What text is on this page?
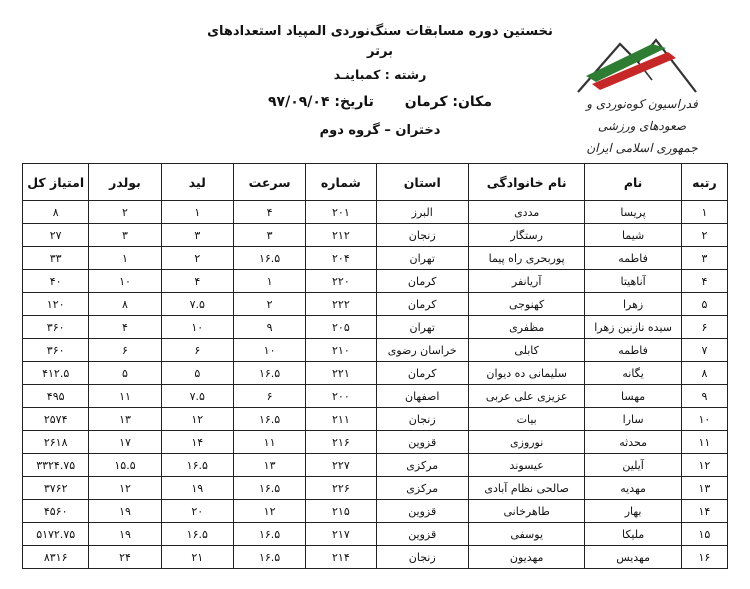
نخستین دوره مسابقات سنگ‌نوردی المپیاد استعدادهای برتر
رشته : کمباینـد
مکان: کرمان تاریخ: ۹۷/۰۹/۰۴
دختران – گروه دوم
فدراسیون کوه‌نوردی و صعودهای ورزشی
جمهوری اسلامی ایران
رتبه	نام	نام خانوادگی	استان	شماره	سرعت	لید	بولدر	امتیاز کل
۱	پریسا	مددی	البرز	۲۰۱	۴	۱	۲	۸
۲	شیما	رستگار	زنجان	۲۱۲	۳	۳	۳	۲۷
۳	فاطمه	پوربحری راه پیما	تهران	۲۰۴	۱۶.۵	۲	۱	۳۳
۴	آناهیتا	آریانفر	کرمان	۲۲۰	۱	۴	۱۰	۴۰
۵	زهرا	کهنوجی	کرمان	۲۲۲	۲	۷.۵	۸	۱۲۰
۶	سیده نازنین زهرا	مظفری	تهران	۲۰۵	۹	۱۰	۴	۳۶۰
۷	فاطمه	کابلی	خراسان رضوی	۲۱۰	۱۰	۶	۶	۳۶۰
۸	یگانه	سلیمانی ده دیوان	کرمان	۲۲۱	۱۶.۵	۵	۵	۴۱۲.۵
۹	مهسا	عزیزی علی عربی	اصفهان	۲۰۰	۶	۷.۵	۱۱	۴۹۵
۱۰	سارا	بیات	زنجان	۲۱۱	۱۶.۵	۱۲	۱۳	۲۵۷۴
۱۱	محدثه	نوروزی	قزوین	۲۱۶	۱۱	۱۴	۱۷	۲۶۱۸
۱۲	آیلین	عیسوند	مرکزی	۲۲۷	۱۳	۱۶.۵	۱۵.۵	۳۳۲۴.۷۵
۱۳	مهدیه	صالحی نظام آبادی	مرکزی	۲۲۶	۱۶.۵	۱۹	۱۲	۳۷۶۲
۱۴	بهار	طاهرخانی	قزوین	۲۱۵	۱۲	۲۰	۱۹	۴۵۶۰
۱۵	ملیکا	یوسفی	قزوین	۲۱۷	۱۶.۵	۱۶.۵	۱۹	۵۱۷۲.۷۵
۱۶	مهدیس	مهدیون	زنجان	۲۱۴	۱۶.۵	۲۱	۲۴	۸۳۱۶
